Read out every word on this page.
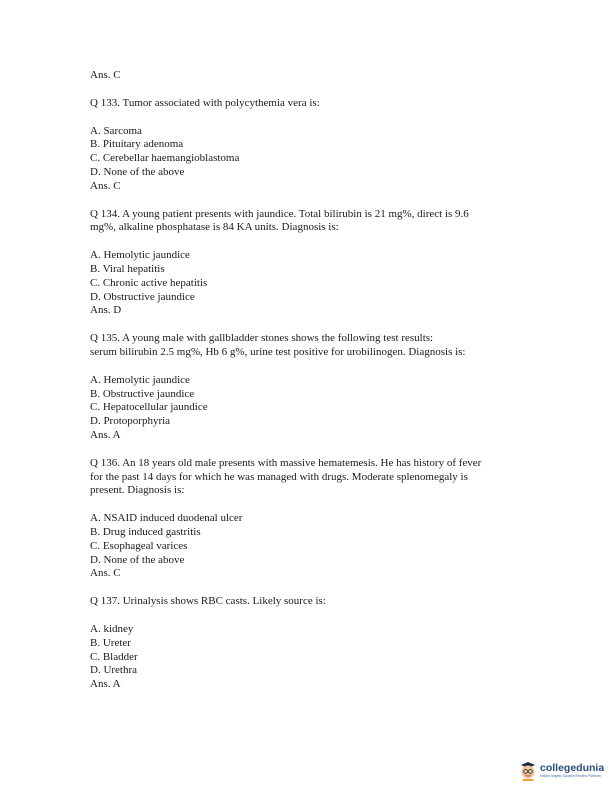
Ans. C
Q 133. Tumor associated with polycythemia vera is:
A. Sarcoma
B. Pituitary adenoma
C. Cerebellar haemangioblastoma
D. None of the above
Ans. C
Q 134. A young patient presents with jaundice. Total bilirubin is 21 mg%, direct is 9.6
mg%, alkaline phosphatase is 84 KA units. Diagnosis is:
A. Hemolytic jaundice
B. Viral hepatitis
C. Chronic active hepatitis
D. Obstructive jaundice
Ans. D
Q 135. A young male with gallbladder stones shows the following test results:
serum bilirubin 2.5 mg%, Hb 6 g%, urine test positive for urobilinogen. Diagnosis is:
A. Hemolytic jaundice
B. Obstructive jaundice
C. Hepatocellular jaundice
D. Protoporphyria
Ans. A
Q 136. An 18 years old male presents with massive hematemesis. He has history of fever
for the past 14 days for which he was managed with drugs. Moderate splenomegaly is
present. Diagnosis is:
A. NSAID induced duodenal ulcer
B. Drug induced gastritis
C. Esophageal varices
D. None of the above
Ans. C
Q 137. Urinalysis shows RBC casts. Likely source is:
A. kidney
B. Ureter
C. Bladder
D. Urethra
Ans. A
collegedunia
India's largest Student Review Platform
